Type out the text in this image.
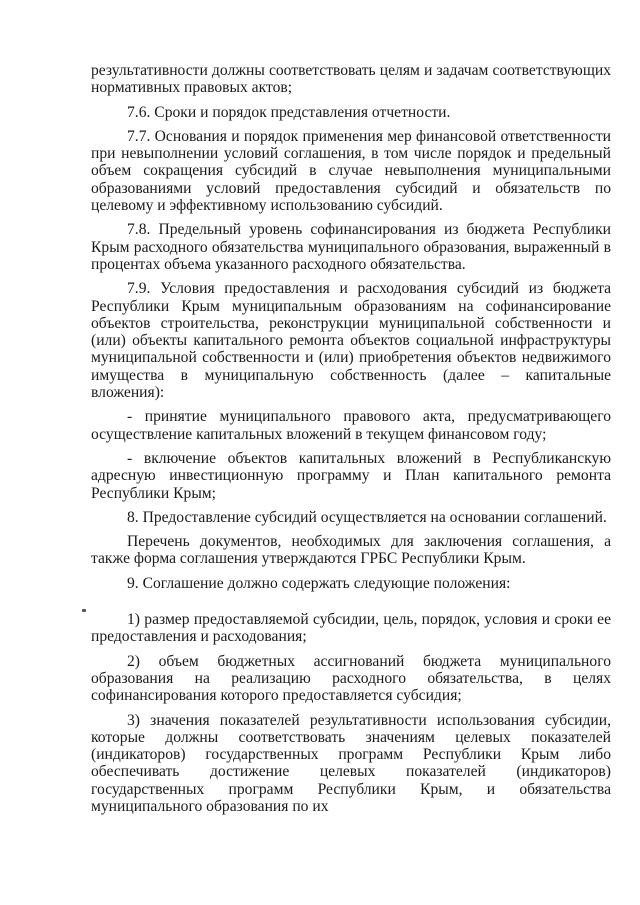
результативности должны соответствовать целям и задачам соответствующих нормативных правовых актов;

7.6. Сроки и порядок представления отчетности.

7.7. Основания и порядок применения мер финансовой ответственности при невыполнении условий соглашения, в том числе порядок и предельный объем сокращения субсидий в случае невыполнения муниципальными образованиями условий предоставления субсидий и обязательств по целевому и эффективному использованию субсидий.

7.8. Предельный уровень софинансирования из бюджета Республики Крым расходного обязательства муниципального образования, выраженный в процентах объема указанного расходного обязательства.

7.9. Условия предоставления и расходования субсидий из бюджета Республики Крым муниципальным образованиям на софинансирование объектов строительства, реконструкции муниципальной собственности и (или) объекты капитального ремонта объектов социальной инфраструктуры муниципальной собственности и (или) приобретения объектов недвижимого имущества в муниципальную собственность (далее – капитальные вложения):

- принятие муниципального правового акта, предусматривающего осуществление капитальных вложений в текущем финансовом году;

- включение объектов капитальных вложений в Республиканскую адресную инвестиционную программу и План капитального ремонта Республики Крым;

8. Предоставление субсидий осуществляется на основании соглашений.

Перечень документов, необходимых для заключения соглашения, а также форма соглашения утверждаются ГРБС Республики Крым.

9. Соглашение должно содержать следующие положения:

1) размер предоставляемой субсидии, цель, порядок, условия и сроки ее предоставления и расходования;

2) объем бюджетных ассигнований бюджета муниципального образования на реализацию расходного обязательства, в целях софинансирования которого предоставляется субсидия;

3) значения показателей результативности использования субсидии, которые должны соответствовать значениям целевых показателей (индикаторов) государственных программ Республики Крым либо обеспечивать достижение целевых показателей (индикаторов) государственных программ Республики Крым, и обязательства муниципального образования по их
